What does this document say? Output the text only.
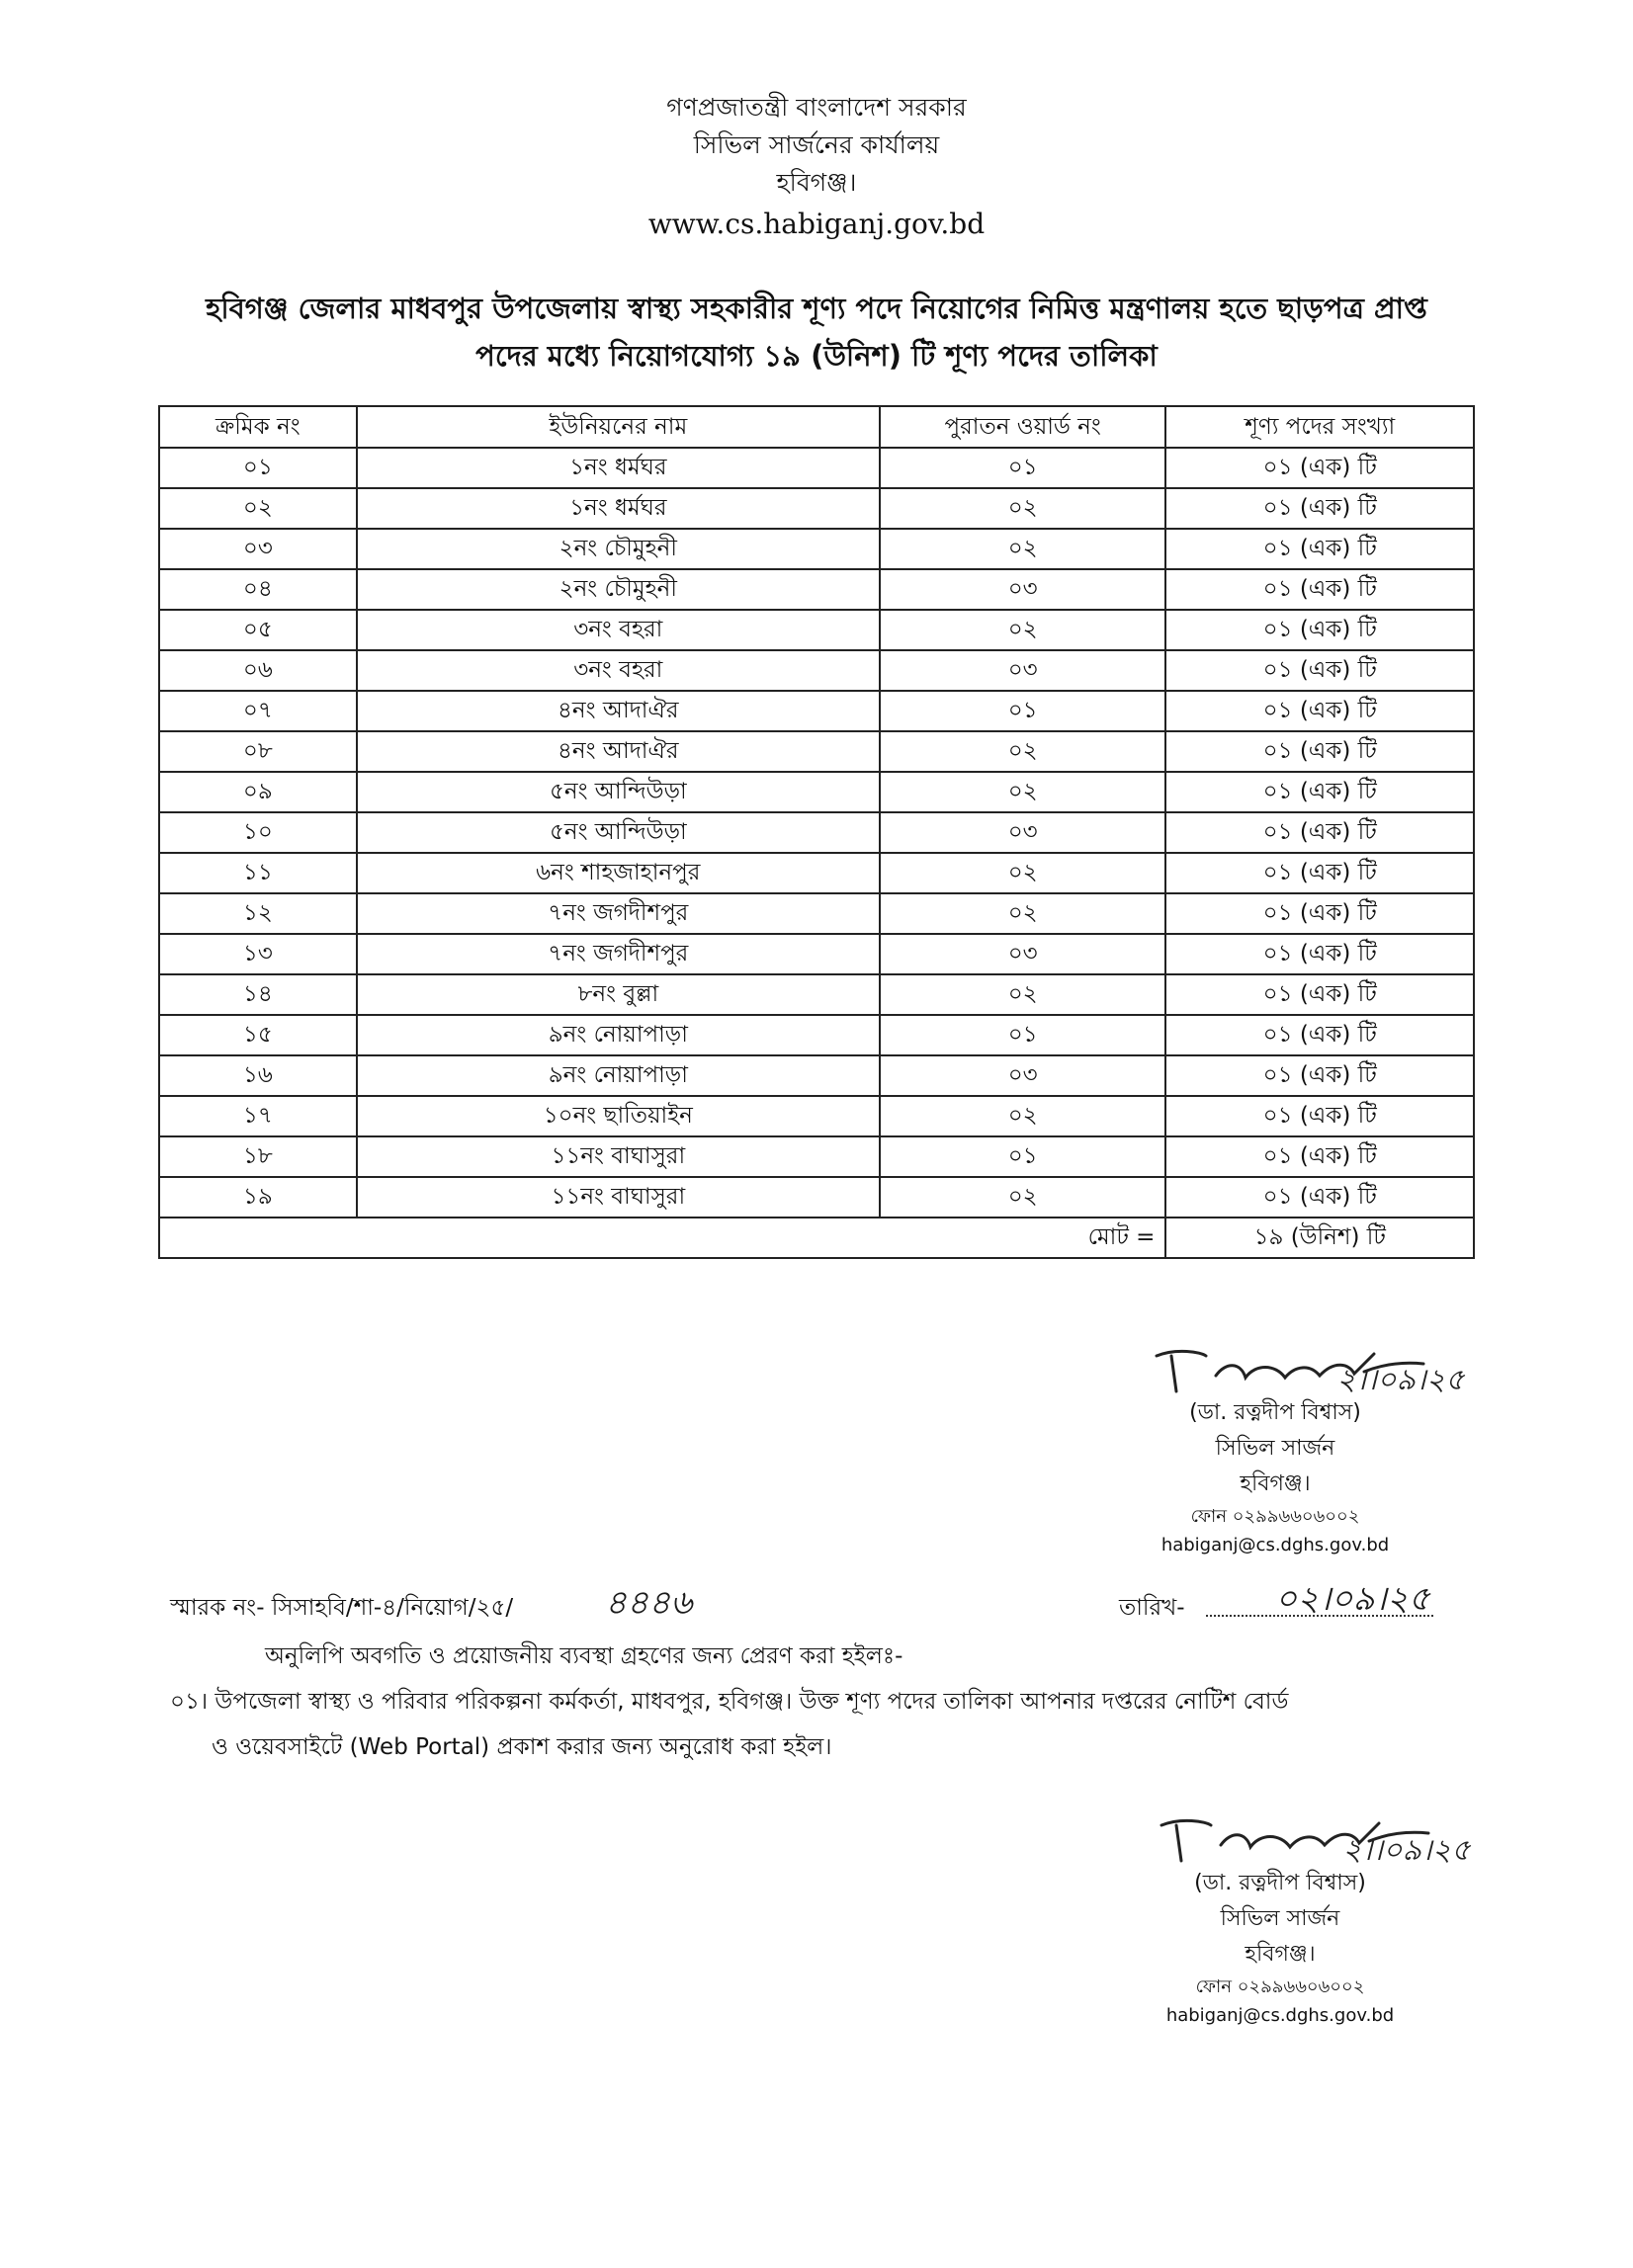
গণপ্রজাতন্ত্রী বাংলাদেশ সরকার
সিভিল সার্জনের কার্যালয়
হবিগঞ্জ।
www.cs.habiganj.gov.bd
হবিগঞ্জ জেলার মাধবপুর উপজেলায় স্বাস্থ্য সহকারীর শূণ্য পদে নিয়োগের নিমিত্ত মন্ত্রণালয় হতে ছাড়পত্র প্রাপ্ত
পদের মধ্যে নিয়োগযোগ্য ১৯ (উনিশ) টি শূণ্য পদের তালিকা
ক্রমিক নং	ইউনিয়নের নাম	পুরাতন ওয়ার্ড নং	শূণ্য পদের সংখ্যা
০১	১নং ধর্মঘর	০১	০১ (এক) টি
০২	১নং ধর্মঘর	০২	০১ (এক) টি
০৩	২নং চৌমুহনী	০২	০১ (এক) টি
০৪	২নং চৌমুহনী	০৩	০১ (এক) টি
০৫	৩নং বহরা	০২	০১ (এক) টি
০৬	৩নং বহরা	০৩	০১ (এক) টি
০৭	৪নং আদাঐর	০১	০১ (এক) টি
০৮	৪নং আদাঐর	০২	০১ (এক) টি
০৯	৫নং আন্দিউড়া	০২	০১ (এক) টি
১০	৫নং আন্দিউড়া	০৩	০১ (এক) টি
১১	৬নং শাহজাহানপুর	০২	০১ (এক) টি
১২	৭নং জগদীশপুর	০২	০১ (এক) টি
১৩	৭নং জগদীশপুর	০৩	০১ (এক) টি
১৪	৮নং বুল্লা	০২	০১ (এক) টি
১৫	৯নং নোয়াপাড়া	০১	০১ (এক) টি
১৬	৯নং নোয়াপাড়া	০৩	০১ (এক) টি
১৭	১০নং ছাতিয়াইন	০২	০১ (এক) টি
১৮	১১নং বাঘাসুরা	০১	০১ (এক) টি
১৯	১১নং বাঘাসুরা	০২	০১ (এক) টি
মোট =			১৯ (উনিশ) টি
২।।০৯।২৫
(ডা. রত্নদীপ বিশ্বাস)
সিভিল সার্জন
হবিগঞ্জ।
ফোন ০২৯৯৬৬০৬০০২
habiganj@cs.dghs.gov.bd
স্মারক নং- সিসাহবি/শা-৪/নিয়োগ/২৫/	৪৪৪৬	তারিখ-	০২।০৯।২৫
অনুলিপি অবগতি ও প্রয়োজনীয় ব্যবস্থা গ্রহণের জন্য প্রেরণ করা হইলঃ-
০১। উপজেলা স্বাস্থ্য ও পরিবার পরিকল্পনা কর্মকর্তা, মাধবপুর, হবিগঞ্জ। উক্ত শূণ্য পদের তালিকা আপনার দপ্তরের নোটিশ বোর্ড
ও ওয়েবসাইটে (Web Portal) প্রকাশ করার জন্য অনুরোধ করা হইল।
২।।০৯।২৫
(ডা. রত্নদীপ বিশ্বাস)
সিভিল সার্জন
হবিগঞ্জ।
ফোন ০২৯৯৬৬০৬০০২
habiganj@cs.dghs.gov.bd
